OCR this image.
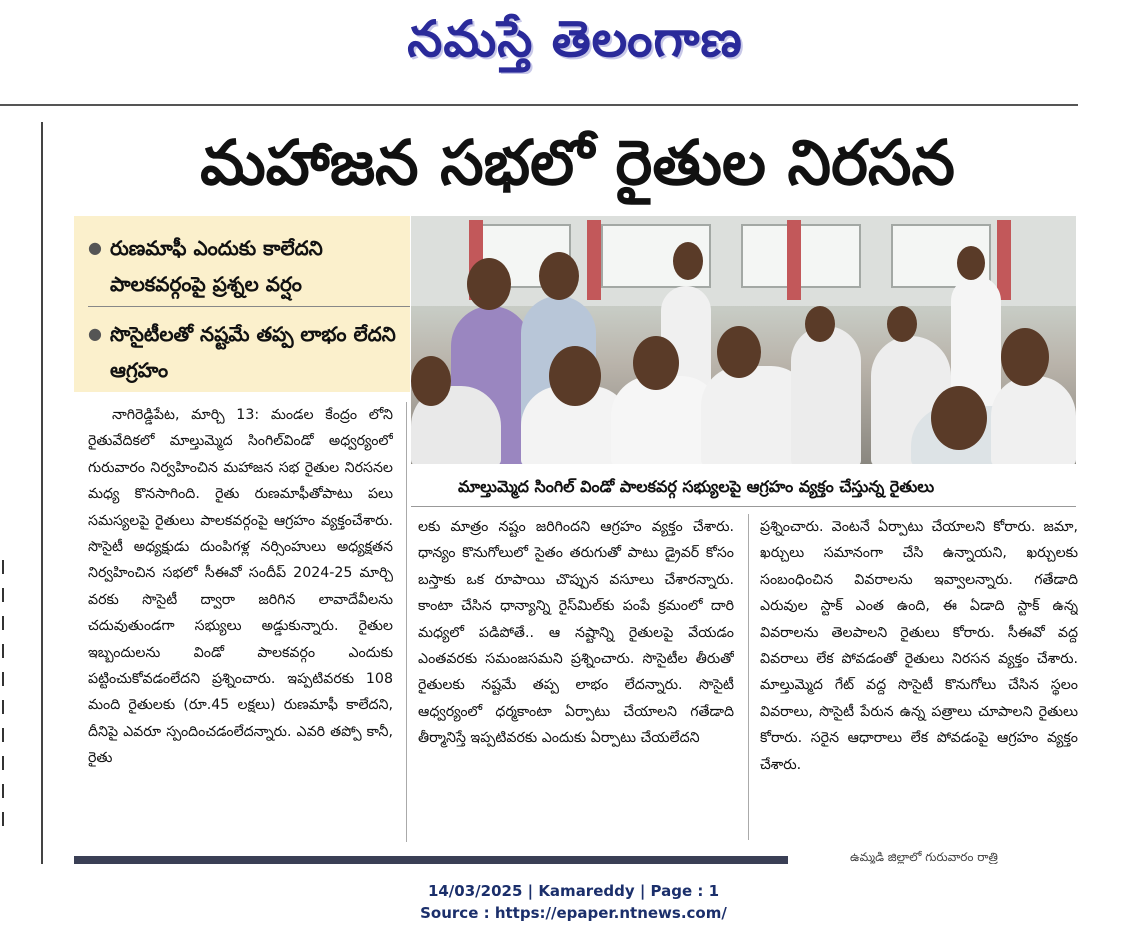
నమస్తే తెలంగాణ
మహాజన సభలో రైతుల నిరసన
● రుణమాఫీ ఎందుకు కాలేదని పాలకవర్గంపై ప్రశ్నల వర్షం
● సొసైటీలతో నష్టమే తప్ప లాభం లేదని ఆగ్రహం
మాల్తుమ్మెద సింగిల్ విండో పాలకవర్గ సభ్యులపై ఆగ్రహం వ్యక్తం చేస్తున్న రైతులు
నాగిరెడ్డిపేట, మార్చి 13: మండల కేంద్రం లోని రైతువేదికలో మాల్తుమ్మెద సింగిల్‌విండో అధ్వర్యంలో గురువారం నిర్వహించిన మహాజన సభ రైతుల నిరసనల మధ్య కొనసాగింది. రైతు రుణమాఫీతోపాటు పలు సమస్యలపై రైతులు పాలకవర్గంపై ఆగ్రహం వ్యక్తంచేశారు. సొసైటీ అధ్యక్షుడు దుంపిగళ్ల నర్సింహులు అధ్యక్షతన నిర్వహించిన సభలో సీఈవో సందీప్ 2024-25 మార్చి వరకు సొసైటీ ద్వారా జరిగిన లావాదేవీలను చదువుతుండగా సభ్యులు అడ్డుకున్నారు. రైతుల ఇబ్బందులను విండో పాలకవర్గం ఎందుకు పట్టించుకోవడంలేదని ప్రశ్నించారు. ఇప్పటివరకు 108 మంది రైతులకు (రూ.45 లక్షలు) రుణమాఫీ కాలేదని, దీనిపై ఎవరూ స్పందించడంలేదన్నారు. ఎవరి తప్పో కానీ, రైతు
లకు మాత్రం నష్టం జరిగిందని ఆగ్రహం వ్యక్తం చేశారు. ధాన్యం కొనుగోలులో సైతం తరుగుతో పాటు డ్రైవర్ కోసం బస్తాకు ఒక రూపాయి చొప్పున వసూలు చేశారన్నారు. కాంటా చేసిన ధాన్యాన్ని రైస్‌మిల్‌కు పంపే క్రమంలో దారి మధ్యలో పడిపోతే.. ఆ నష్టాన్ని రైతులపై వేయడం ఎంతవరకు సమంజసమని ప్రశ్నించారు. సొసైటీల తీరుతో రైతులకు నష్టమే తప్ప లాభం లేదన్నారు. సొసైటీ ఆధ్వర్యంలో ధర్మకాంటా ఏర్పాటు చేయాలని గతేడాది తీర్మానిస్తే ఇప్పటివరకు ఎందుకు ఏర్పాటు చేయలేదని
ప్రశ్నించారు. వెంటనే ఏర్పాటు చేయాలని కోరారు. జమా, ఖర్చులు సమానంగా చేసి ఉన్నాయని, ఖర్చులకు సంబంధించిన వివరాలను ఇవ్వాలన్నారు. గతేడాది ఎరువుల స్టాక్ ఎంత ఉంది, ఈ ఏడాది స్టాక్ ఉన్న వివరాలను తెలపాలని రైతులు కోరారు. సీఈవో వద్ద వివరాలు లేక పోవడంతో రైతులు నిరసన వ్యక్తం చేశారు. మాల్తుమ్మెద గేట్ వద్ద సొసైటీ కొనుగోలు చేసిన స్థలం వివరాలు, సొసైటీ పేరున ఉన్న పత్రాలు చూపాలని రైతులు కోరారు. సరైన ఆధారాలు లేక పోవడంపై ఆగ్రహం వ్యక్తం చేశారు.
ఉమ్మడి జిల్లాలో గురువారం రాత్రి
14/03/2025 | Kamareddy | Page : 1
Source : https://epaper.ntnews.com/
